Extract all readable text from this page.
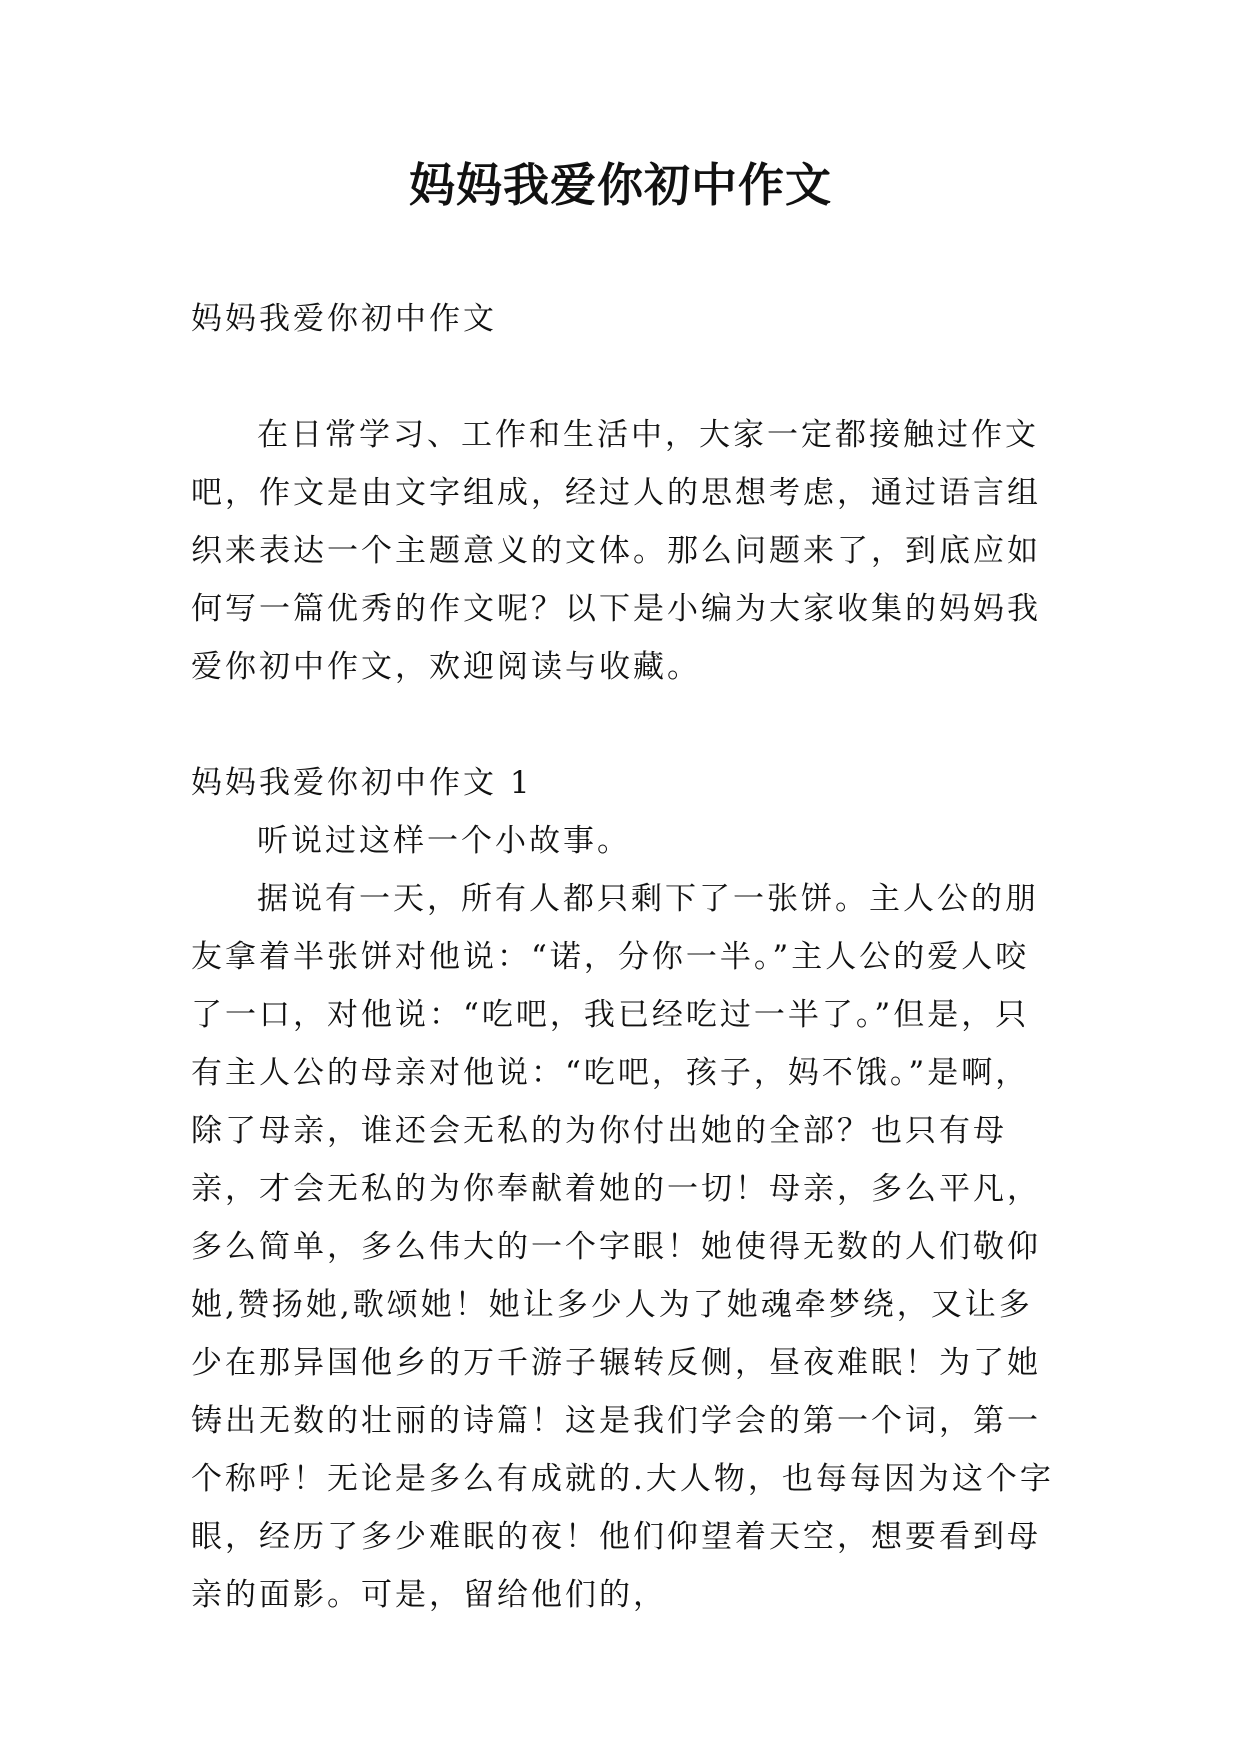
妈妈我爱你初中作文

妈妈我爱你初中作文

在日常学习、工作和生活中，大家一定都接触过作文吧，作文是由文字组成，经过人的思想考虑，通过语言组织来表达一个主题意义的文体。那么问题来了，到底应如何写一篇优秀的作文呢？以下是小编为大家收集的妈妈我爱你初中作文，欢迎阅读与收藏。

妈妈我爱你初中作文 1

听说过这样一个小故事。

据说有一天，所有人都只剩下了一张饼。主人公的朋友拿着半张饼对他说：“诺，分你一半。”主人公的爱人咬了一口，对他说：“吃吧，我已经吃过一半了。”但是，只有主人公的母亲对他说：“吃吧，孩子，妈不饿。”是啊，除了母亲，谁还会无私的为你付出她的全部？也只有母亲，才会无私的为你奉献着她的一切！母亲，多么平凡，多么简单，多么伟大的一个字眼！她使得无数的人们敬仰她,赞扬她,歌颂她！她让多少人为了她魂牵梦绕，又让多少在那异国他乡的万千游子辗转反侧，昼夜难眠！为了她铸出无数的壮丽的诗篇！这是我们学会的第一个词，第一个称呼！无论是多么有成就的.大人物，也每每因为这个字眼，经历了多少难眠的夜！他们仰望着天空，想要看到母亲的面影。可是，留给他们的，
